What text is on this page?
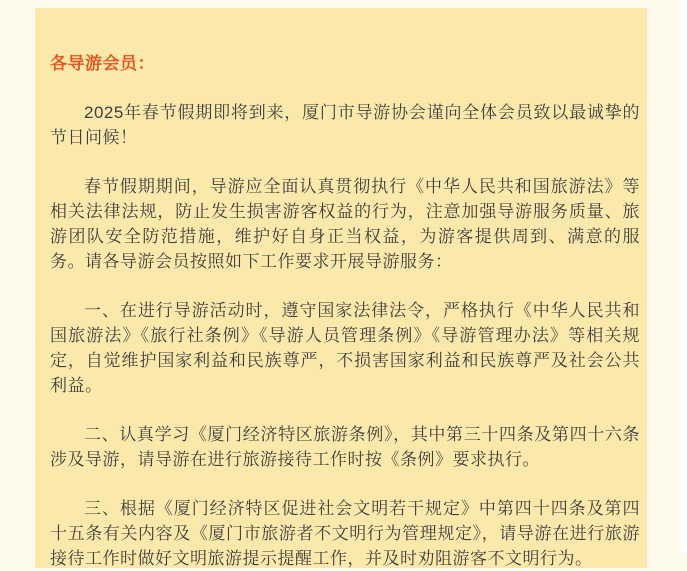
各导游会员：

2025年春节假期即将到来，厦门市导游协会谨向全体会员致以最诚挚的节日问候！

春节假期期间，导游应全面认真贯彻执行《中华人民共和国旅游法》等相关法律法规，防止发生损害游客权益的行为，注意加强导游服务质量、旅游团队安全防范措施，维护好自身正当权益，为游客提供周到、满意的服务。请各导游会员按照如下工作要求开展导游服务：

一、在进行导游活动时，遵守国家法律法令，严格执行《中华人民共和国旅游法》《旅行社条例》《导游人员管理条例》《导游管理办法》等相关规定，自觉维护国家利益和民族尊严，不损害国家利益和民族尊严及社会公共利益。

二、认真学习《厦门经济特区旅游条例》，其中第三十四条及第四十六条涉及导游，请导游在进行旅游接待工作时按《条例》要求执行。

三、根据《厦门经济特区促进社会文明若干规定》中第四十四条及第四十五条有关内容及《厦门市旅游者不文明行为管理规定》，请导游在进行旅游接待工作时做好文明旅游提示提醒工作，并及时劝阻游客不文明行为。
